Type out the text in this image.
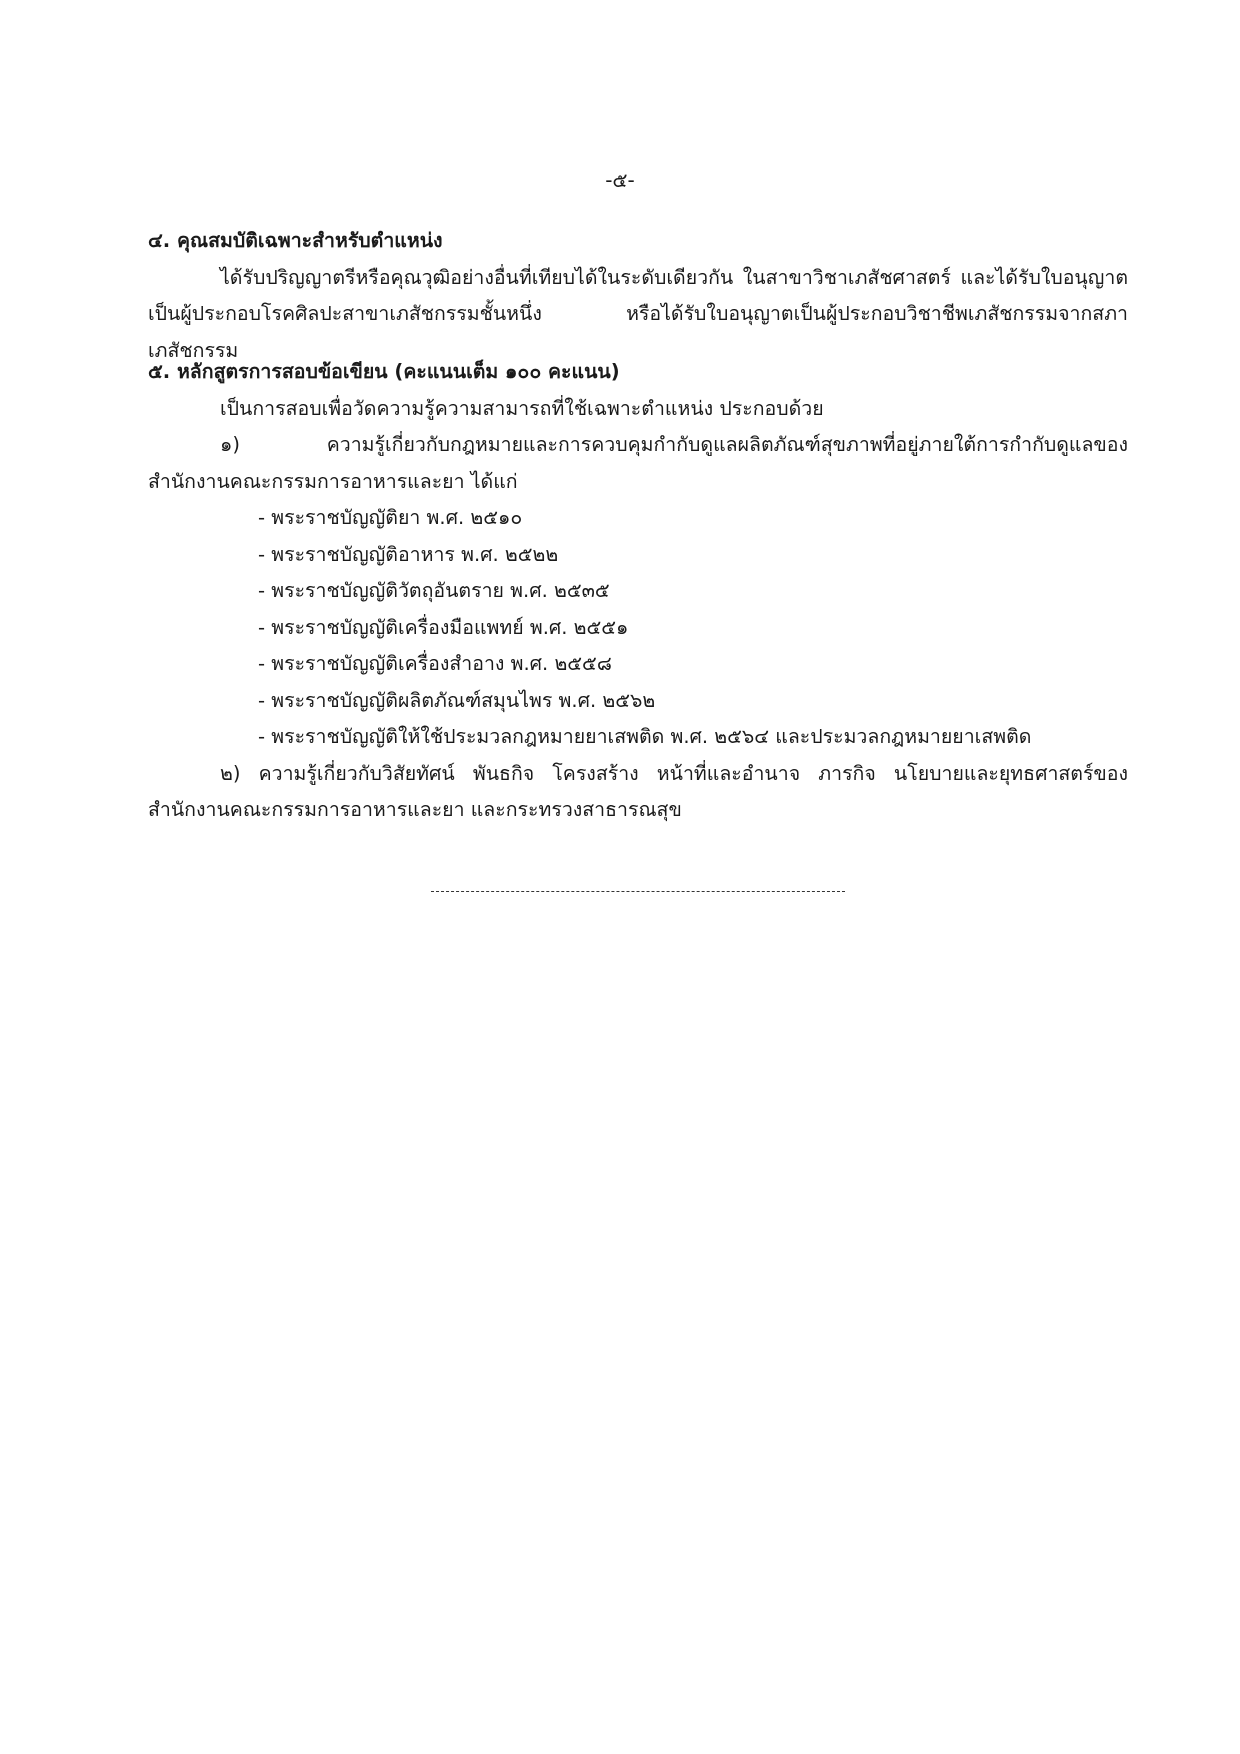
-๕-
๔. คุณสมบัติเฉพาะสำหรับตำแหน่ง

ได้รับปริญญาตรีหรือคุณวุฒิอย่างอื่นที่เทียบได้ในระดับเดียวกัน ในสาขาวิชาเภสัชศาสตร์ และได้รับใบอนุญาตเป็นผู้ประกอบโรคศิลปะสาขาเภสัชกรรมชั้นหนึ่ง หรือได้รับใบอนุญาตเป็นผู้ประกอบวิชาชีพเภสัชกรรมจากสภาเภสัชกรรม

๕. หลักสูตรการสอบข้อเขียน (คะแนนเต็ม ๑๐๐ คะแนน)
เป็นการสอบเพื่อวัดความรู้ความสามารถที่ใช้เฉพาะตำแหน่ง ประกอบด้วย

๑) ความรู้เกี่ยวกับกฎหมายและการควบคุมกำกับดูแลผลิตภัณฑ์สุขภาพที่อยู่ภายใต้การกำกับดูแลของสำนักงานคณะกรรมการอาหารและยา ได้แก่

- พระราชบัญญัติยา พ.ศ. ๒๕๑๐
- พระราชบัญญัติอาหาร พ.ศ. ๒๕๒๒
- พระราชบัญญัติวัตถุอันตราย พ.ศ. ๒๕๓๕
- พระราชบัญญัติเครื่องมือแพทย์ พ.ศ. ๒๕๕๑
- พระราชบัญญัติเครื่องสำอาง พ.ศ. ๒๕๕๘
- พระราชบัญญัติผลิตภัณฑ์สมุนไพร พ.ศ. ๒๕๖๒
- พระราชบัญญัติให้ใช้ประมวลกฎหมายยาเสพติด พ.ศ. ๒๕๖๔ และประมวลกฎหมายยาเสพติด

๒) ความรู้เกี่ยวกับวิสัยทัศน์ พันธกิจ โครงสร้าง หน้าที่และอำนาจ ภารกิจ นโยบายและยุทธศาสตร์ของสำนักงานคณะกรรมการอาหารและยา และกระทรวงสาธารณสุข
